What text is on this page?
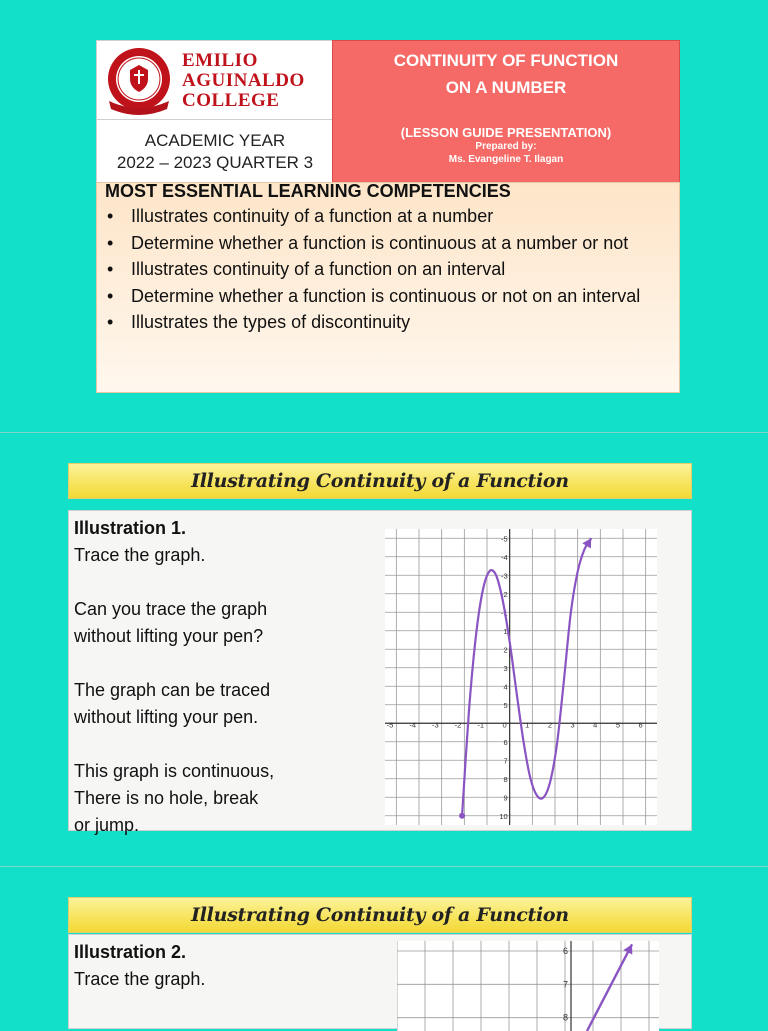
EMILIO
AGUINALDO
COLLEGE
ACADEMIC YEAR
2022 – 2023 QUARTER 3
CONTINUITY OF FUNCTION
ON A NUMBER
(LESSON GUIDE PRESENTATION)
Prepared by:
Ms. Evangeline T. Ilagan
MOST ESSENTIAL LEARNING COMPETENCIES
• Illustrates continuity of a function at a number
• Determine whether a function is continuous at a number or not
• Illustrates continuity of a function on an interval
• Determine whether a function is continuous or not on an interval
• Illustrates the types of discontinuity
Illustrating Continuity of a Function
Illustration 1.
Trace the graph.
Can you trace the graph
without lifting your pen?
The graph can be traced
without lifting your pen.
This graph is continuous,
There is no hole, break
or jump.
-5 -4 -3 -2 -1 0 1 2 3 4 5 6
10
9
8
7
6
5
4
3
2
1
-1
-2
-3
-4
-5
Illustrating Continuity of a Function
Illustration 2.
Trace the graph.
8
7
6
